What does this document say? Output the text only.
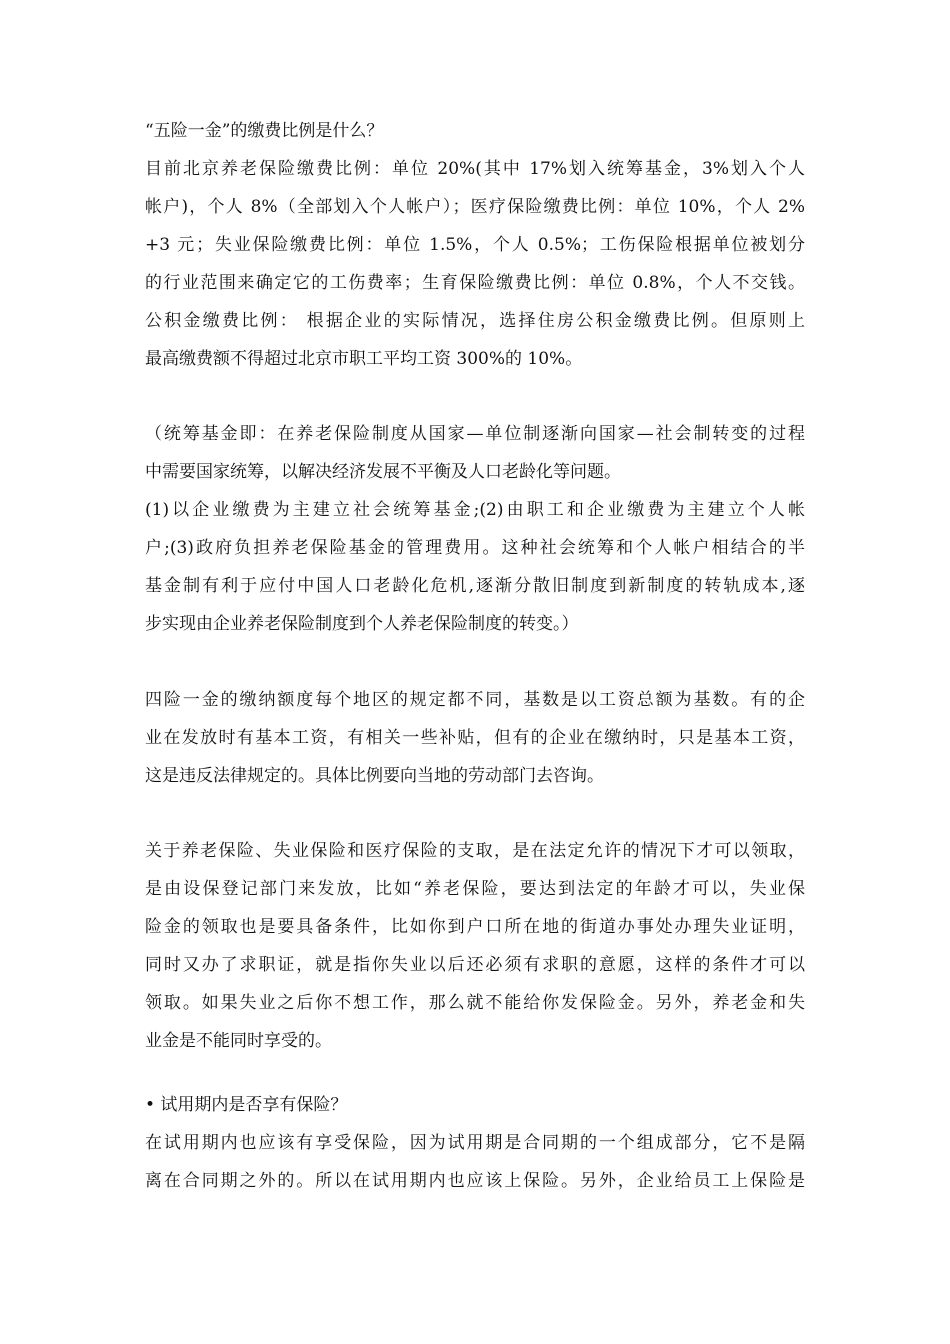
“五险一金”的缴费比例是什么？
目前北京养老保险缴费比例：单位 20%(其中 17%划入统筹基金，3%划入个人
帐户)，个人 8%（全部划入个人帐户）；医疗保险缴费比例：单位 10%，个人 2%
+3 元；失业保险缴费比例：单位 1.5%，个人 0.5%；工伤保险根据单位被划分
的行业范围来确定它的工伤费率；生育保险缴费比例：单位 0.8%，个人不交钱。
公积金缴费比例： 根据企业的实际情况，选择住房公积金缴费比例。但原则上
最高缴费额不得超过北京市职工平均工资 300%的 10%。
（统筹基金即：在养老保险制度从国家—单位制逐渐向国家—社会制转变的过程
中需要国家统筹，以解决经济发展不平衡及人口老龄化等问题。
(1)以企业缴费为主建立社会统筹基金;(2)由职工和企业缴费为主建立个人帐
户;(3)政府负担养老保险基金的管理费用。这种社会统筹和个人帐户相结合的半
基金制有利于应付中国人口老龄化危机,逐渐分散旧制度到新制度的转轨成本,逐
步实现由企业养老保险制度到个人养老保险制度的转变。）
四险一金的缴纳额度每个地区的规定都不同，基数是以工资总额为基数。有的企
业在发放时有基本工资，有相关一些补贴，但有的企业在缴纳时，只是基本工资，
这是违反法律规定的。具体比例要向当地的劳动部门去咨询。
关于养老保险、失业保险和医疗保险的支取，是在法定允许的情况下才可以领取，
是由设保登记部门来发放，比如“养老保险，要达到法定的年龄才可以，失业保
险金的领取也是要具备条件，比如你到户口所在地的街道办事处办理失业证明，
同时又办了求职证，就是指你失业以后还必须有求职的意愿，这样的条件才可以
领取。如果失业之后你不想工作，那么就不能给你发保险金。另外，养老金和失
业金是不能同时享受的。
• 试用期内是否享有保险？
在试用期内也应该有享受保险，因为试用期是合同期的一个组成部分，它不是隔
离在合同期之外的。所以在试用期内也应该上保险。另外，企业给员工上保险是
